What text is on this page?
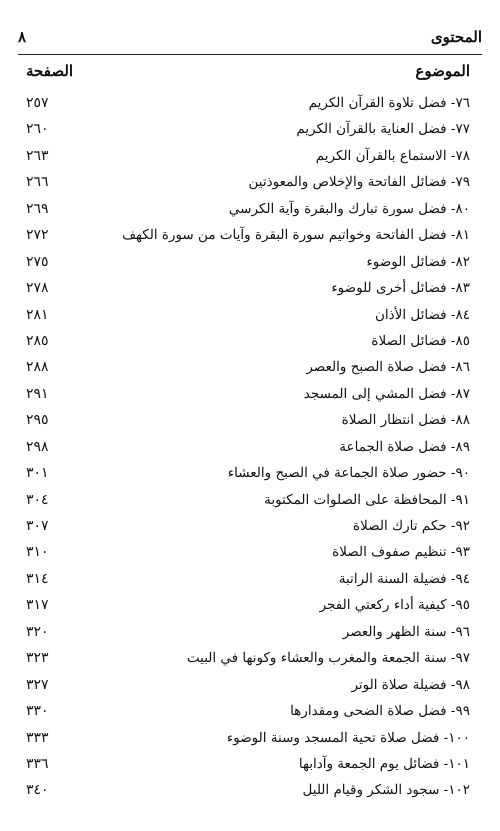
المحتوى
٨
الموضوع
الصفحة
٧٦- فضل تلاوة القرآن الكريم
٢٥٧
٧٧- فضل العناية بالقرآن الكريم
٢٦٠
٧٨- الاستماع بالقرآن الكريم
٢٦٣
٧٩- فضائل الفاتحة والإخلاص والمعوذتين
٢٦٦
٨٠- فضل سورة تبارك والبقرة وآية الكرسي
٢٦٩
٨١- فضل الفاتحة وخواتيم سورة البقرة وآيات من سورة الكهف
٢٧٢
٨٢- فضائل الوضوء
٢٧٥
٨٣- فضائل أخرى للوضوء
٢٧٨
٨٤- فضائل الأذان
٢٨١
٨٥- فضائل الصلاة
٢٨٥
٨٦- فضل صلاة الصبح والعصر
٢٨٨
٨٧- فضل المشي إلى المسجد
٢٩١
٨٨- فضل انتظار الصلاة
٢٩٥
٨٩- فضل صلاة الجماعة
٢٩٨
٩٠- حضور صلاة الجماعة في الصبح والعشاء
٣٠١
٩١- المحافظة على الصلوات المكتوبة
٣٠٤
٩٢- حكم تارك الصلاة
٣٠٧
٩٣- تنظيم صفوف الصلاة
٣١٠
٩٤- فضيلة السنة الراتبة
٣١٤
٩٥- كيفية أداء ركعتي الفجر
٣١٧
٩٦- سنة الظهر والعصر
٣٢٠
٩٧- سنة الجمعة والمغرب والعشاء وكونها في البيت
٣٢٣
٩٨- فضيلة صلاة الوتر
٣٢٧
٩٩- فضل صلاة الضحى ومقدارها
٣٣٠
١٠٠- فضل صلاة تحية المسجد وسنة الوضوء
٣٣٣
١٠١- فضائل يوم الجمعة وآدابها
٣٣٦
١٠٢- سجود الشكر وقيام الليل
٣٤٠
